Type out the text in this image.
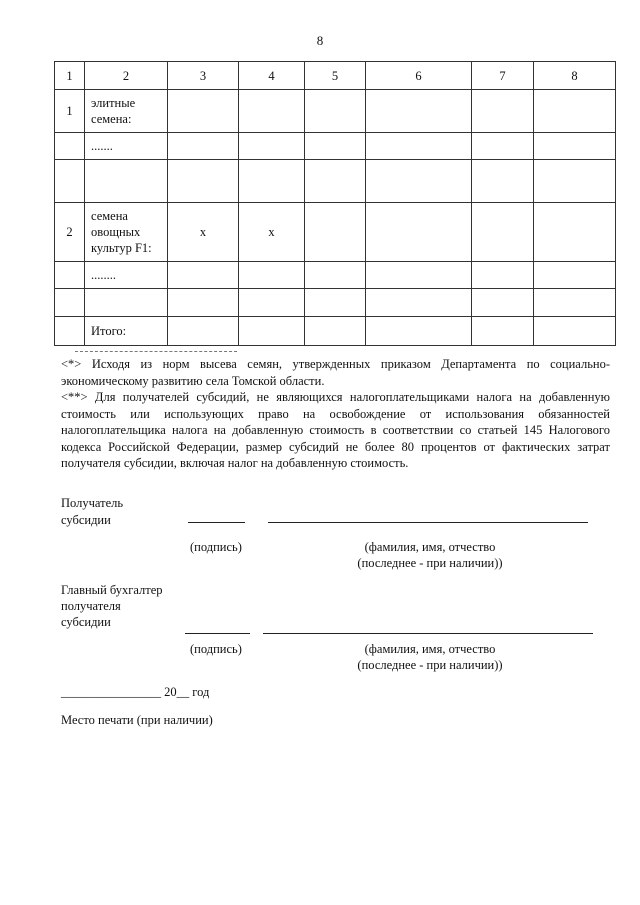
8
1	2	3	4	5	6	7	8
1	элитные семена:						
	.......						

2	семена овощных культур F1:	х	х				
	........						

	Итого:						
<*> Исходя из норм высева семян, утвержденных приказом Департамента по социально-экономическому развитию села Томской области.
<**> Для получателей субсидий, не являющихся налогоплательщиками налога на добавленную стоимость или использующих право на освобождение от использования обязанностей налогоплательщика налога на добавленную стоимость в соответствии со статьей 145 Налогового кодекса Российской Федерации, размер субсидий не более 80 процентов от фактических затрат получателя субсидии, включая налог на добавленную стоимость.
Получатель
субсидии
(подпись)	(фамилия, имя, отчество
(последнее - при наличии))
Главный бухгалтер
получателя
субсидии
(подпись)	(фамилия, имя, отчество
(последнее - при наличии))
________________ 20__ год
Место печати (при наличии)
